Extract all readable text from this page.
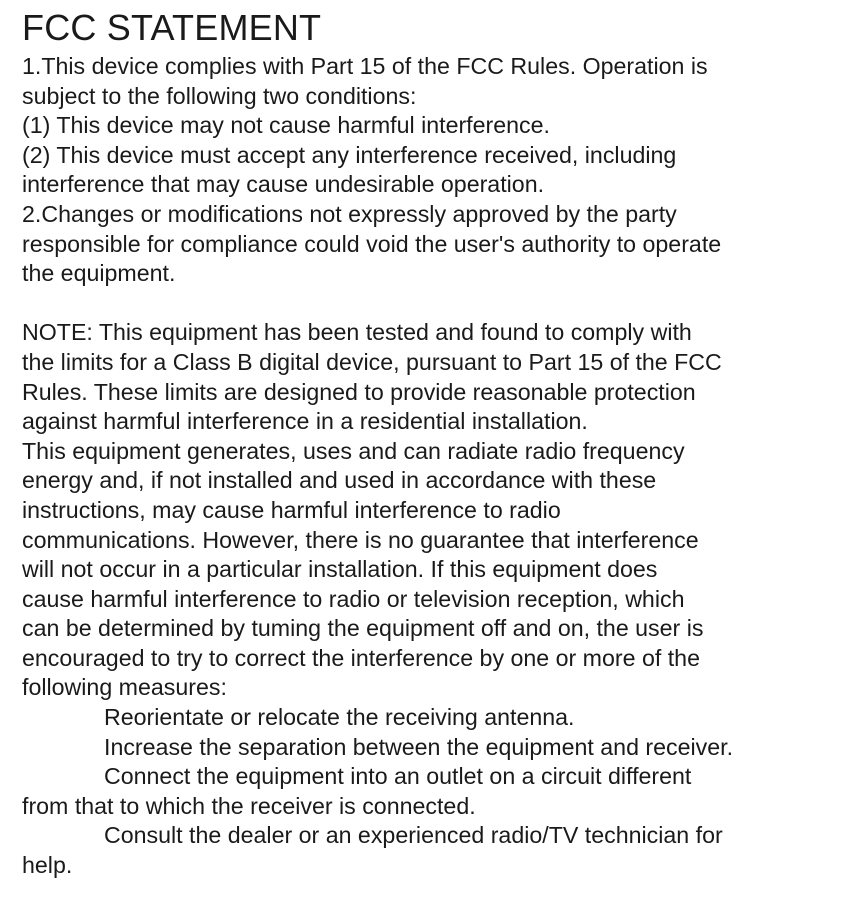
FCC STATEMENT
1.This device complies with Part 15 of the FCC Rules. Operation is
subject to the following two conditions:
(1) This device may not cause harmful interference.
(2) This device must accept any interference received, including
interference that may cause undesirable operation.
2.Changes or modifications not expressly approved by the party
responsible for compliance could void the user's authority to operate
the equipment.
NOTE: This equipment has been tested and found to comply with
the limits for a Class B digital device, pursuant to Part 15 of the FCC
Rules. These limits are designed to provide reasonable protection
against harmful interference in a residential installation.
This equipment generates, uses and can radiate radio frequency
energy and, if not installed and used in accordance with these
instructions, may cause harmful interference to radio
communications. However, there is no guarantee that interference
will not occur in a particular installation. If this equipment does
cause harmful interference to radio or television reception, which
can be determined by tuming the equipment off and on, the user is
encouraged to try to correct the interference by one or more of the
following measures:
Reorientate or relocate the receiving antenna.
Increase the separation between the equipment and receiver.
Connect the equipment into an outlet on a circuit different
from that to which the receiver is connected.
Consult the dealer or an experienced radio/TV technician for
help.
